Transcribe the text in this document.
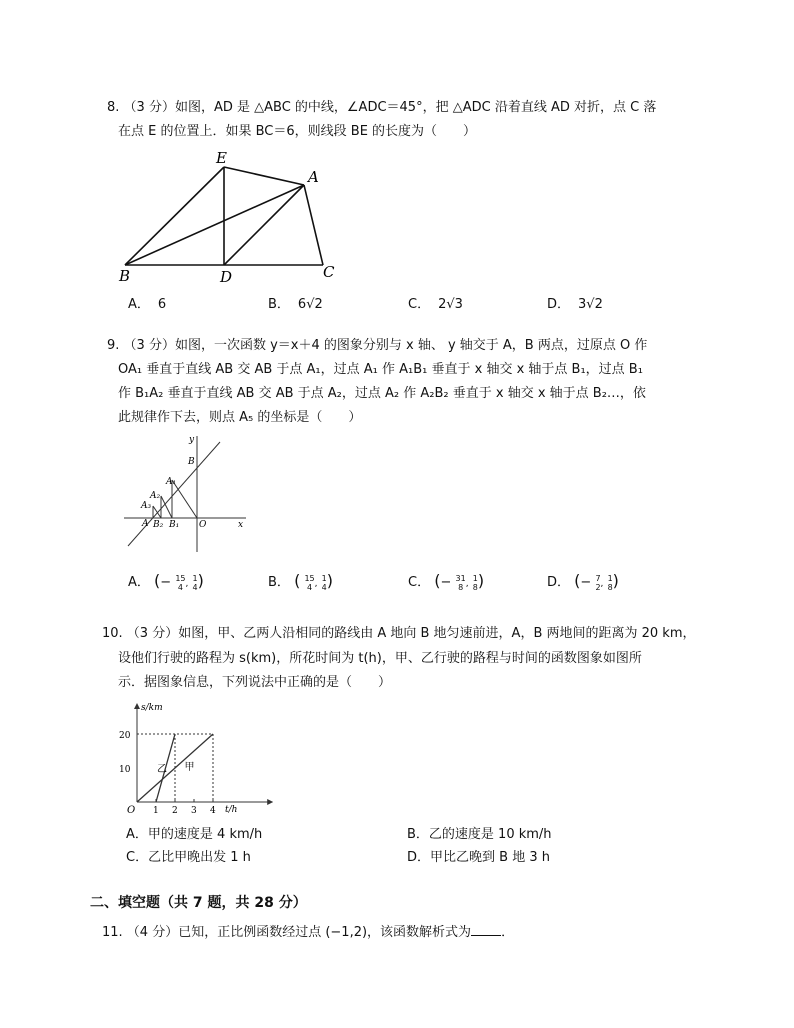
8. （3 分）如图，AD 是 △ABC 的中线，∠ADC＝45°，把 △ADC 沿着直线 AD 对折，点 C 落
在点 E 的位置上．如果 BC＝6，则线段 BE 的长度为（　　）
E
A
B	D	C
A． 6	B． 6√2	C． 2√3	D． 3√2
9. （3 分）如图，一次函数 y＝x＋4 的图象分别与 x 轴、 y 轴交于 A，B 两点，过原点 O 作
OA₁ 垂直于直线 AB 交 AB 于点 A₁，过点 A₁ 作 A₁B₁ 垂直于 x 轴交 x 轴于点 B₁，过点 B₁
作 B₁A₂ 垂直于直线 AB 交 AB 于点 A₂，过点 A₂ 作 A₂B₂ 垂直于 x 轴交 x 轴于点 B₂…，依
此规律作下去，则点 A₅ 的坐标是（　　）
y
x
O
B
A
A₁
A₂
A₃
B₁
B₂
A． (− 15
4 ,
1
4 )	B． ( 15
4 ,
1
4 )	C． (− 31
8 ,
1
8 )	D． (− 7
2 ,
1
8 )
10. （3 分）如图，甲、乙两人沿相同的路线由 A 地向 B 地匀速前进，A，B 两地间的距离为 20 km，
设他们行驶的路程为 s(km)，所花时间为 t(h)，甲、乙行驶的路程与时间的函数图象如图所
示．据图象信息，下列说法中正确的是（　　）
s/km
t/h
O 1 2 3 4
10
20
甲
乙
A．甲的速度是 4 km/h	B．乙的速度是 10 km/h
C．乙比甲晚出发 1 h	D．甲比乙晚到 B 地 3 h
二、填空题（共 7 题，共 28 分）
11. （4 分）已知，正比例函数经过点 (−1,2)，该函数解析式为 ．
